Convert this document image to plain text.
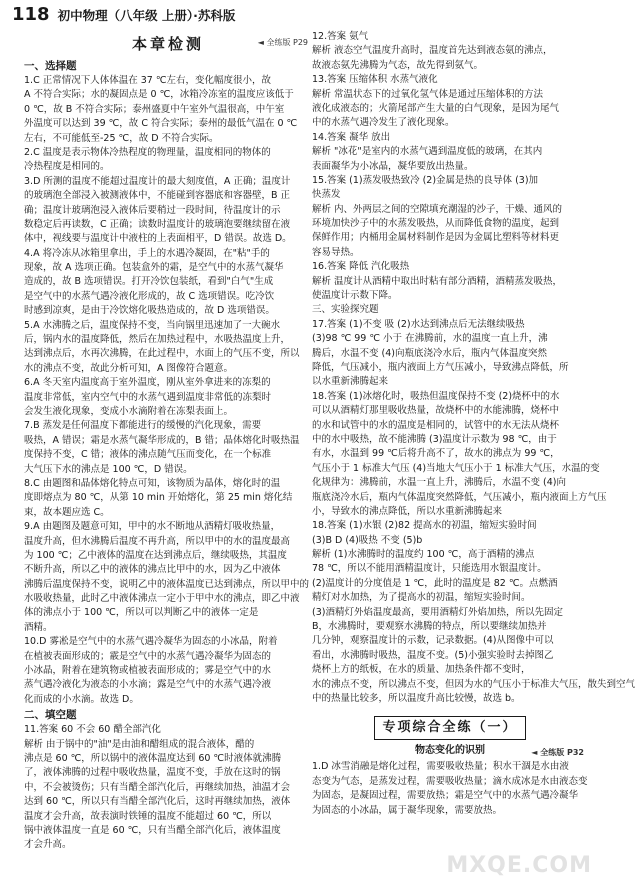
118 初中物理（八年级 上册）·苏科版
本章检测	◄ 全练版 P29
一、选择题
1.C 正常情况下人体体温在 37 ℃左右，变化幅度很小，故
A 不符合实际；水的凝固点是 0 ℃，冰箱冷冻室的温度应该低于
0 ℃，故 B 不符合实际；泰州盛夏中午室外气温很高，中午室
外温度可以达到 39 ℃，故 C 符合实际；泰州的最低气温在 0 ℃
左右，不可能低至-25 ℃，故 D 不符合实际。
2.C 温度是表示物体冷热程度的物理量，温度相同的物体的
冷热程度是相同的。
3.D 所测的温度不能超过温度计的最大刻度值，A 正确；温度计
的玻璃泡全部浸入被测液体中，不能碰到容器底和容器壁，B 正
确；温度计玻璃泡浸入液体后要稍过一段时间，待温度计的示
数稳定后再读数，C 正确；读数时温度计的玻璃泡要继续留在液
体中，视线要与温度计中液柱的上表面相平，D 错误。故选 D。
4.A 将冷冻从冰箱里拿出，手上的水遇冷凝固，在"粘"手的
现象，故 A 选项正确。包装盒外的霜，是空气中的水蒸气凝华
造成的，故 B 选项错误。打开冷饮包装纸，看到"白气"生成
是空气中的水蒸气遇冷液化形成的，故 C 选项错误。吃冷饮
时感到凉爽，是由于冷饮熔化吸热造成的，故 D 选项错误。
5.A 水沸腾之后，温度保持不变，当向锅里迅速加了一大碗水
后，锅内水的温度降低，然后在加热过程中，水吸热温度上升，
达到沸点后，水再次沸腾，在此过程中，水面上的气压不变，所以
水的沸点不变，故此分析可知，A 图像符合题意。
6.A 冬天室内温度高于室外温度，刚从室外拿进来的冻梨的
温度非常低，室内空气中的水蒸气遇到温度非常低的冻梨时
会发生液化现象，变成小水滴附着在冻梨表面上。
7.B 蒸发是任何温度下都能进行的缓慢的汽化现象，需要
吸热，A 错误；霜是水蒸气凝华形成的，B 错；晶体熔化时吸热温
度保持不变，C 错；液体的沸点随气压而变化，在一个标准
大气压下水的沸点是 100 ℃，D 错误。
8.C 由题图和晶体熔化特点可知，该物质为晶体，熔化时的温
度即熔点为 80 ℃，从第 10 min 开始熔化，第 25 min 熔化结
束，故本题应选 C。
9.A 由题图及题意可知，甲中的水不断地从酒精灯吸收热量，
温度升高，但水沸腾后温度不再升高，所以甲中的水的温度最高
为 100 ℃；乙中液体的温度在达到沸点后，继续吸热，其温度
不断升高，所以乙中的液体的沸点比甲中的水，因为乙中液体
沸腾后温度保持不变，说明乙中的液体温度已达到沸点，所以甲中的
水吸收热量，此时乙中液体沸点一定小于甲中水的沸点，即乙中液
体的沸点小于 100 ℃，所以可以判断乙中的液体一定是
酒精。
10.D 雾凇是空气中的水蒸气遇冷凝华为固态的小冰晶，附着
在植被表面形成的；霰是空气中的水蒸气遇冷凝华为固态的
小冰晶，附着在建筑物或植被表面形成的；雾是空气中的水
蒸气遇冷液化为液态的小水滴；露是空气中的水蒸气遇冷液
化而成的小水滴。故选 D。
二、填空题
11.答案 60 不会 60 醋全部汽化
解析 由于锅中的"油"是由油和醋组成的混合液体，醋的
沸点是 60 ℃，所以锅中的液体温度达到 60 ℃时液体就沸腾
了，液体沸腾的过程中吸收热量，温度不变，手放在这时的锅
中，不会被烫伤；只有当醋全部汽化后，再继续加热，油温才会
达到 60 ℃，所以只有当醋全部汽化后，这时再继续加热，液体
温度才会升高，故表演时铁锤的温度不能超过 60 ℃，所以
锅中液体温度一直是 60 ℃，只有当醋全部汽化后，液体温度
才会升高。
12.答案 氨气
解析 液态空气温度升高时，温度首先达到液态氨的沸点，
故液态氨先沸腾为气态，故先得到氨气。
13.答案 压缩体积 水蒸气液化
解析 常温状态下的过氧化氢气体是通过压缩体积的方法
液化成液态的；火箭尾部产生大量的白气现象，是因为尾气
中的水蒸气遇冷发生了液化现象。
14.答案 凝华 放出
解析 "冰花"是室内的水蒸气遇到温度低的玻璃，在其内
表面凝华为小冰晶，凝华要放出热量。
15.答案 (1)蒸发吸热致冷 (2)金属是热的良导体 (3)加
快蒸发
解析 内、外两层之间的空隙填充潮湿的沙子，干燥、通风的
环境加快沙子中的水蒸发吸热，从而降低食物的温度，起到
保鲜作用；内桶用金属材料制作是因为金属比塑料等材料更
容易导热。
16.答案 降低 汽化吸热
解析 温度计从酒精中取出时粘有部分酒精，酒精蒸发吸热，
使温度计示数下降。
三、实验探究题
17.答案 (1)不变 吸 (2)水达到沸点后无法继续吸热
(3)98 ℃ 99 ℃ 小于 在沸腾前，水的温度一直上升，沸
腾后，水温不变 (4)向瓶底浇冷水后，瓶内气体温度突然
降低，气压减小，瓶内液面上方气压减小，导致沸点降低，所
以水重新沸腾起来
18.答案 (1)冰熔化时，吸热但温度保持不变 (2)烧杯中的水
可以从酒精灯那里吸收热量，故烧杯中的水能沸腾，烧杯中
的水和试管中的水的温度是相同的，试管中的水无法从烧杯
中的水中吸热，故不能沸腾 (3)温度计示数为 98 ℃，由于
有水，水温到 99 ℃后将升高不了，故水的沸点为 99 ℃，
气压小于 1 标准大气压 (4)当地大气压小于 1 标准大气压，水温的变
化规律为：沸腾前，水温一直上升，沸腾后，水温不变 (4)向
瓶底浇冷水后，瓶内气体温度突然降低，气压减小，瓶内液面上方气压
小，导致水的沸点降低，所以水重新沸腾起来
18.答案 (1)水银 (2)82 提高水的初温，缩短实验时间
(3)B D (4)吸热 不变 (5)b
解析 (1)水沸腾时的温度约 100 ℃，高于酒精的沸点
78 ℃，所以不能用酒精温度计，只能选用水银温度计。
(2)温度计的分度值是 1 ℃，此时的温度是 82 ℃。点燃酒
精灯对水加热，为了提高水的初温，缩短实验时间。
(3)酒精灯外焰温度最高，要用酒精灯外焰加热，所以先固定
B，水沸腾时，要观察水沸腾的特点，所以要继续加热并
几分钟，观察温度计的示数，记录数据。(4)从图像中可以
看出，水沸腾时吸热，温度不变。(5)小强实验时去掉图乙
烧杯上方的纸板，在水的质量、加热条件都不变时，
水的沸点不变，所以沸点不变，但因为水的气压小于标准大气压，散失到空气
中的热量比较多，所以温度升高比较慢，故选 b。
专项综合全练（一）
物态变化的识别	◄ 全练版 P32
1.D 冰雪消融是熔化过程，需要吸收热量；积水干涸是水由液
态变为气态，是蒸发过程，需要吸收热量；滴水成冰是水由液态变
为固态，是凝固过程，需要放热；霜是空气中的水蒸气遇冷凝华
为固态的小冰晶，属于凝华现象，需要放热。
MXQE.COM
